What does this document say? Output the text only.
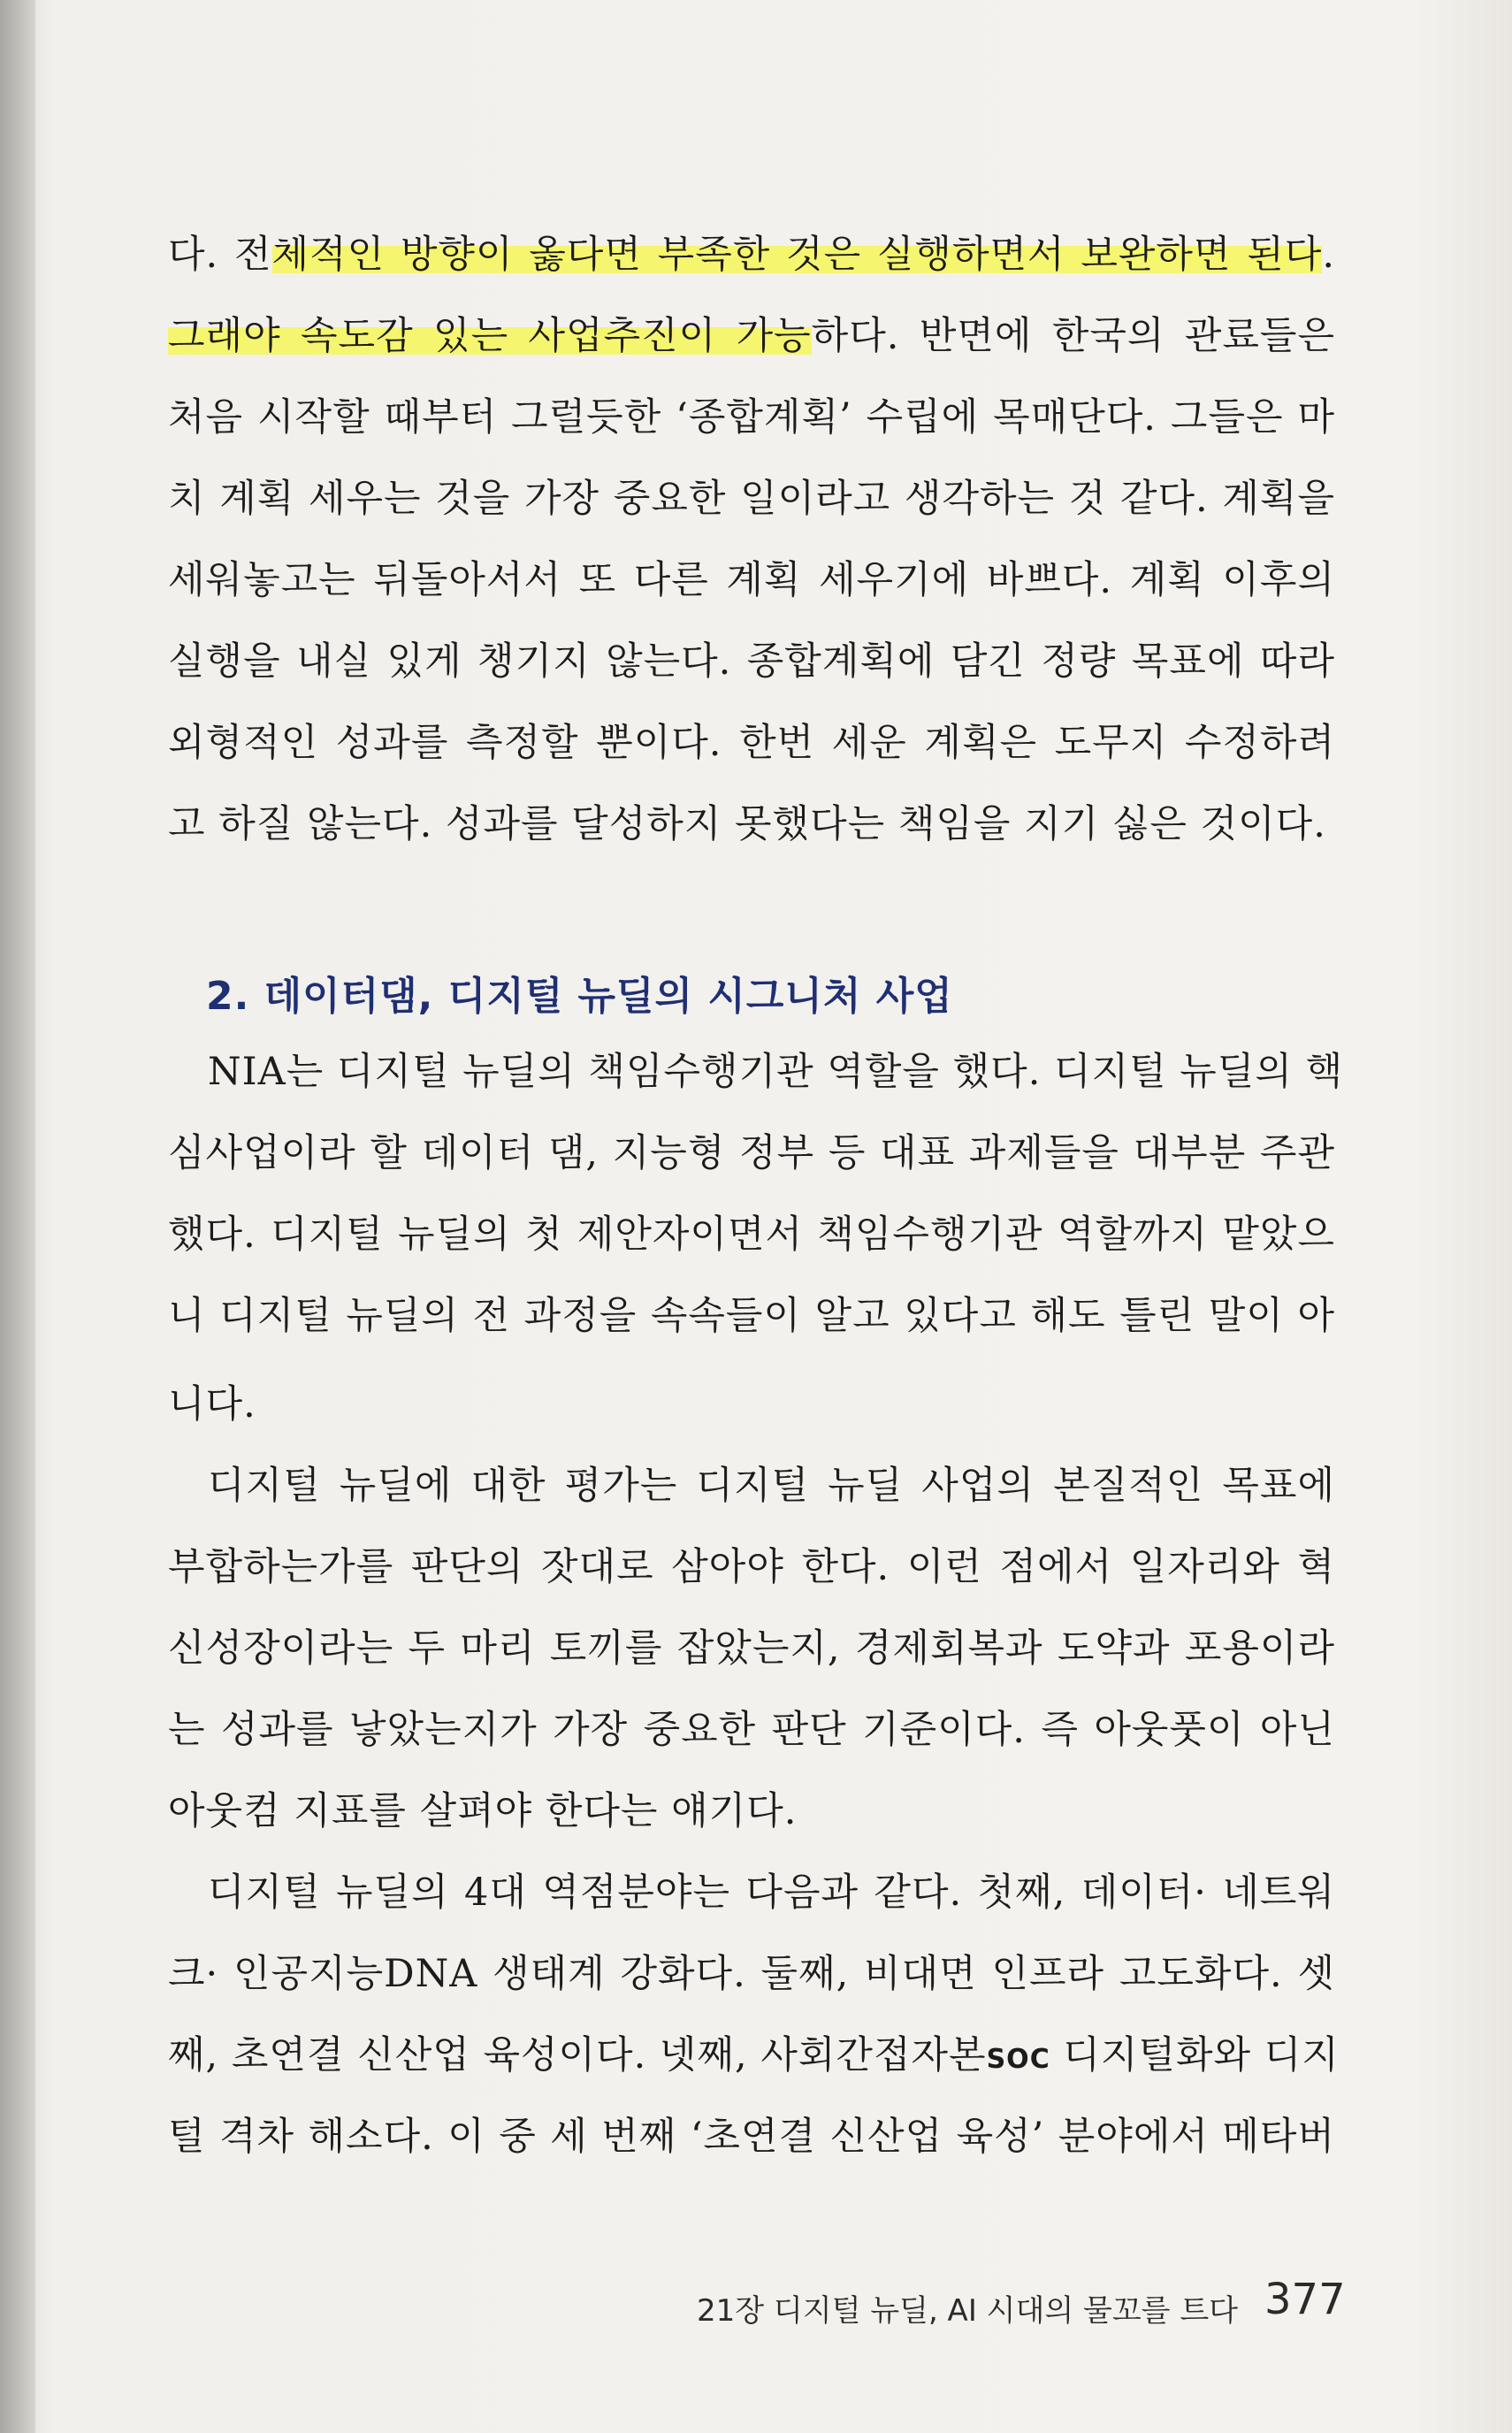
다. 전체적인 방향이 옳다면 부족한 것은 실행하면서 보완하면 된다.
그래야 속도감 있는 사업추진이 가능하다. 반면에 한국의 관료들은
처음 시작할 때부터 그럴듯한 ‘종합계획’ 수립에 목매단다. 그들은 마
치 계획 세우는 것을 가장 중요한 일이라고 생각하는 것 같다. 계획을
세워놓고는 뒤돌아서서 또 다른 계획 세우기에 바쁘다. 계획 이후의
실행을 내실 있게 챙기지 않는다. 종합계획에 담긴 정량 목표에 따라
외형적인 성과를 측정할 뿐이다. 한번 세운 계획은 도무지 수정하려
고 하질 않는다. 성과를 달성하지 못했다는 책임을 지기 싫은 것이다.
2. 데이터댐, 디지털 뉴딜의 시그니처 사업
NIA는 디지털 뉴딜의 책임수행기관 역할을 했다. 디지털 뉴딜의 핵
심사업이라 할 데이터 댐, 지능형 정부 등 대표 과제들을 대부분 주관
했다. 디지털 뉴딜의 첫 제안자이면서 책임수행기관 역할까지 맡았으
니 디지털 뉴딜의 전 과정을 속속들이 알고 있다고 해도 틀린 말이 아
니다.
디지털 뉴딜에 대한 평가는 디지털 뉴딜 사업의 본질적인 목표에
부합하는가를 판단의 잣대로 삼아야 한다. 이런 점에서 일자리와 혁
신성장이라는 두 마리 토끼를 잡았는지, 경제회복과 도약과 포용이라
는 성과를 낳았는지가 가장 중요한 판단 기준이다. 즉 아웃풋이 아닌
아웃컴 지표를 살펴야 한다는 얘기다.
디지털 뉴딜의 4대 역점분야는 다음과 같다. 첫째, 데이터· 네트워
크· 인공지능DNA 생태계 강화다. 둘째, 비대면 인프라 고도화다. 셋
째, 초연결 신산업 육성이다. 넷째, 사회간접자본SOC 디지털화와 디지
털 격차 해소다. 이 중 세 번째 ‘초연결 신산업 육성’ 분야에서 메타버
21장 디지털 뉴딜, AI 시대의 물꼬를 트다 377
